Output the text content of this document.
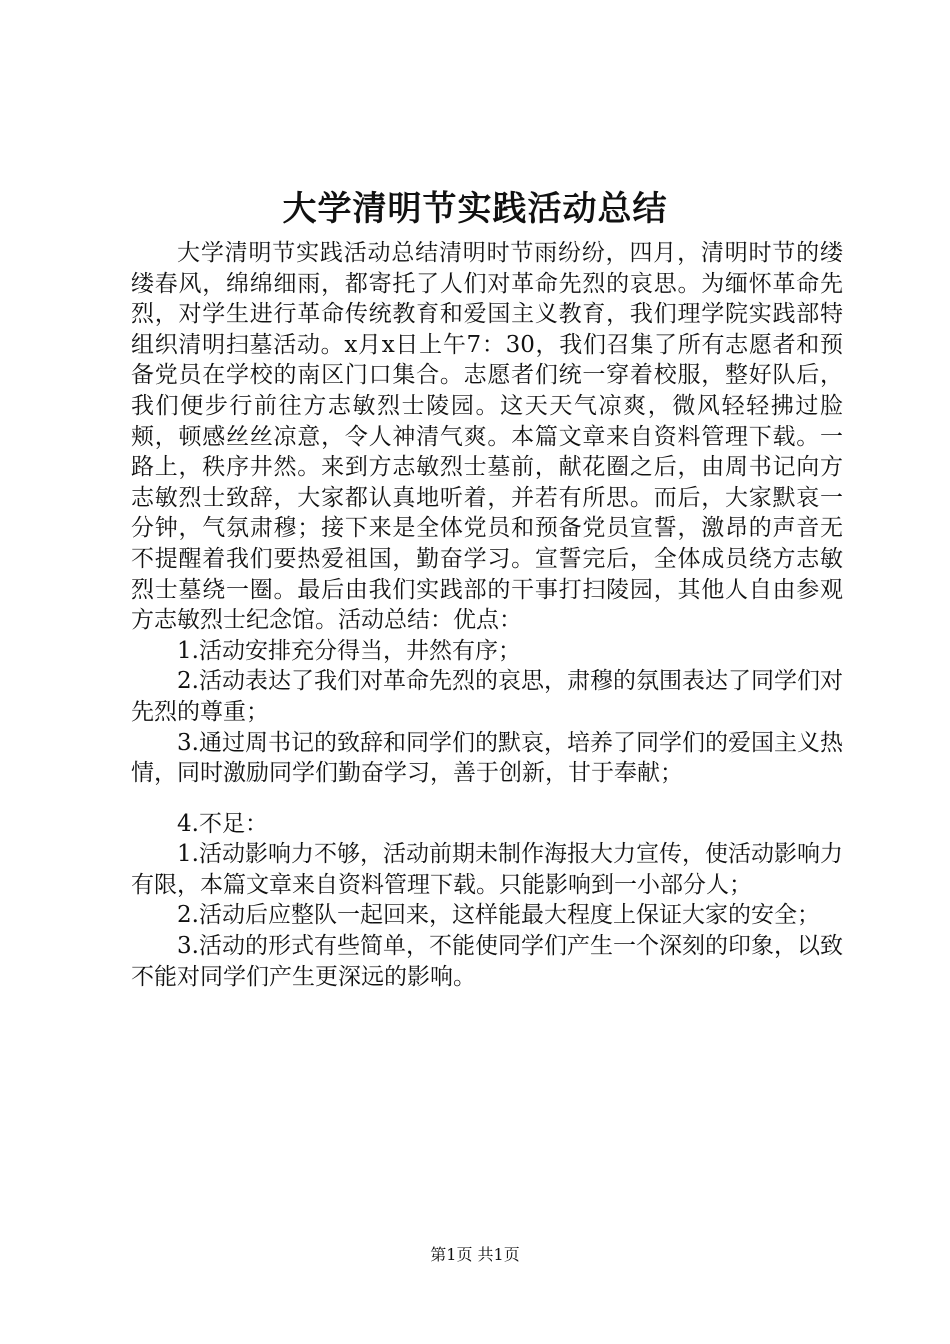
大学清明节实践活动总结

大学清明节实践活动总结清明时节雨纷纷，四月，清明时节的缕缕春风，绵绵细雨，都寄托了人们对革命先烈的哀思。为缅怀革命先烈，对学生进行革命传统教育和爱国主义教育，我们理学院实践部特组织清明扫墓活动。x月x日上午7：30，我们召集了所有志愿者和预备党员在学校的南区门口集合。志愿者们统一穿着校服，整好队后，我们便步行前往方志敏烈士陵园。这天天气凉爽，微风轻轻拂过脸颊，顿感丝丝凉意，令人神清气爽。本篇文章来自资料管理下载。一路上，秩序井然。来到方志敏烈士墓前，献花圈之后，由周书记向方志敏烈士致辞，大家都认真地听着，并若有所思。而后，大家默哀一分钟，气氛肃穆；接下来是全体党员和预备党员宣誓，激昂的声音无不提醒着我们要热爱祖国，勤奋学习。宣誓完后，全体成员绕方志敏烈士墓绕一圈。最后由我们实践部的干事打扫陵园，其他人自由参观方志敏烈士纪念馆。活动总结：优点：

1.活动安排充分得当，井然有序；

2.活动表达了我们对革命先烈的哀思，肃穆的氛围表达了同学们对先烈的尊重；

3.通过周书记的致辞和同学们的默哀，培养了同学们的爱国主义热情，同时激励同学们勤奋学习，善于创新，甘于奉献；

4.不足：

1.活动影响力不够，活动前期未制作海报大力宣传，使活动影响力有限，本篇文章来自资料管理下载。只能影响到一小部分人；

2.活动后应整队一起回来，这样能最大程度上保证大家的安全；

3.活动的形式有些简单，不能使同学们产生一个深刻的印象，以致不能对同学们产生更深远的影响。

第1页 共1页
